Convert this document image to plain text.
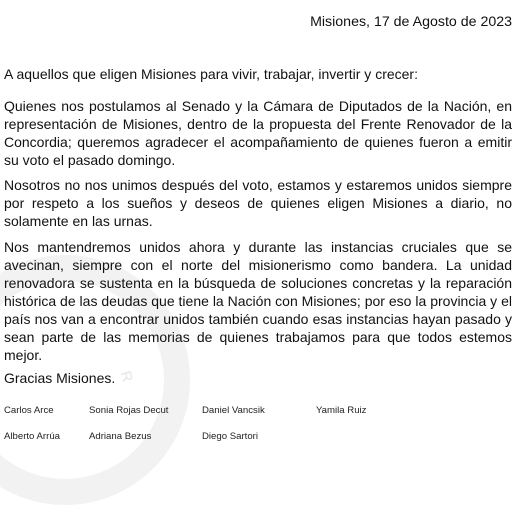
R
Misiones, 17 de Agosto de 2023

A aquellos que eligen Misiones para vivir, trabajar, invertir y crecer:

Quienes nos postulamos al Senado y la Cámara de Diputados de la Nación, en representación de Misiones, dentro de la propuesta del Frente Renovador de la Concordia; queremos agradecer el acompañamiento de quienes fueron a emitir su voto el pasado domingo.

Nosotros no nos unimos después del voto, estamos y estaremos unidos siempre por respeto a los sueños y deseos de quienes eligen Misiones a diario, no solamente en las urnas.

Nos mantendremos unidos ahora y durante las instancias cruciales que se avecinan, siempre con el norte del misionerismo como bandera. La unidad renovadora se sustenta en la búsqueda de soluciones concretas y la reparación histórica de las deudas que tiene la Nación con Misiones; por eso la provincia y el país nos van a encontrar unidos también cuando esas instancias hayan pasado y sean parte de las memorias de quienes trabajamos para que todos estemos mejor.

Gracias Misiones.

Carlos Arce	Sonia Rojas Decut	Daniel Vancsik	Yamila Ruiz
Alberto Arrúa	Adriana Bezus	Diego Sartori
